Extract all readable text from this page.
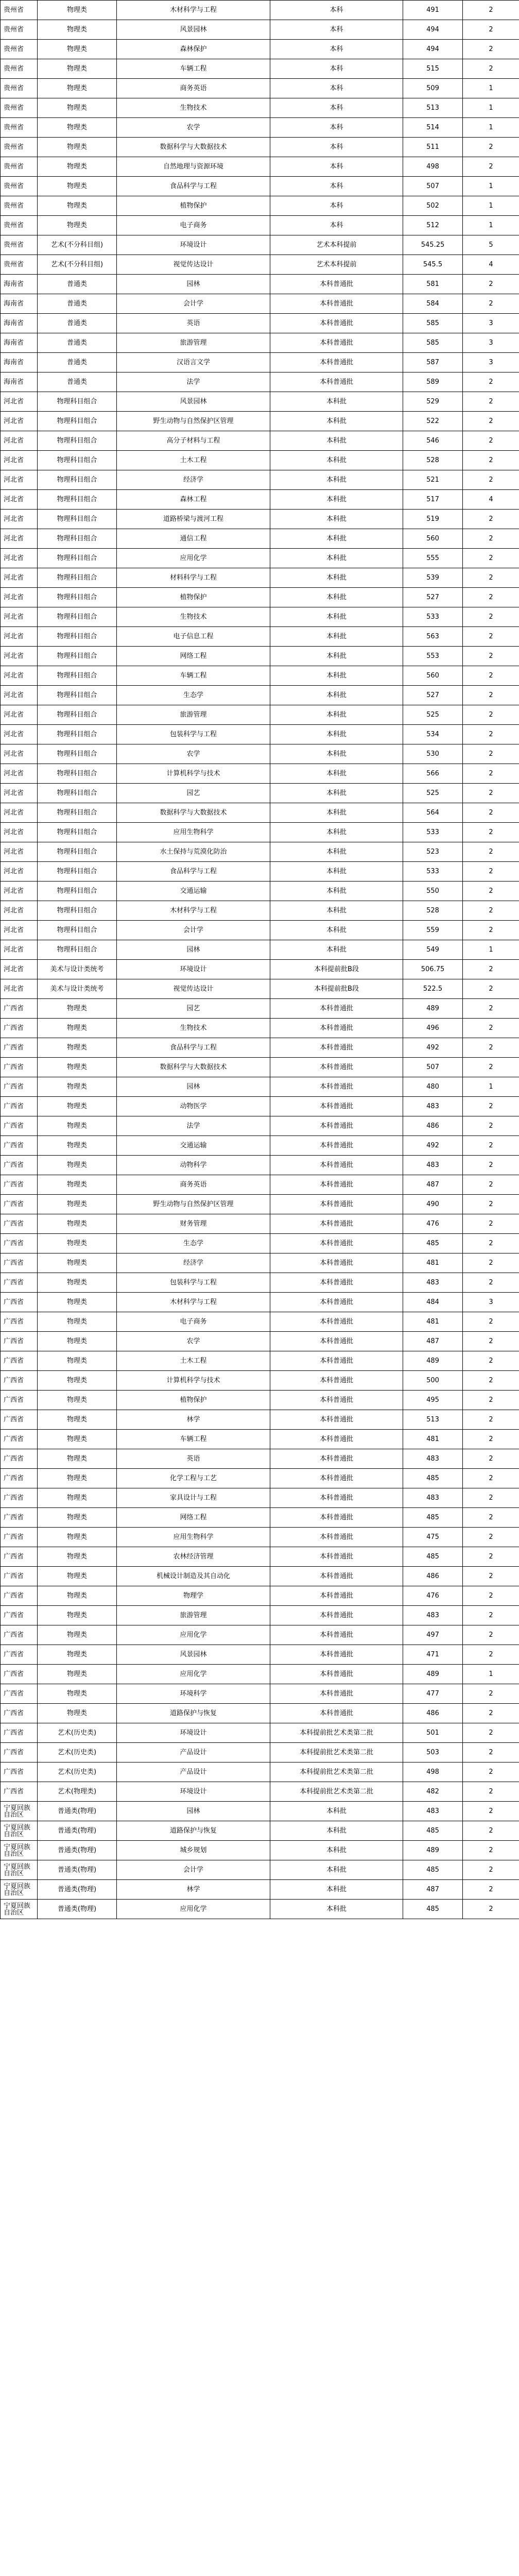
贵州省	物理类	木材科学与工程	本科	491	2
贵州省	物理类	风景园林	本科	494	2
贵州省	物理类	森林保护	本科	494	2
贵州省	物理类	车辆工程	本科	515	2
贵州省	物理类	商务英语	本科	509	1
贵州省	物理类	生物技术	本科	513	1
贵州省	物理类	农学	本科	514	1
贵州省	物理类	数据科学与大数据技术	本科	511	2
贵州省	物理类	自然地理与资源环境	本科	498	2
贵州省	物理类	食品科学与工程	本科	507	1
贵州省	物理类	植物保护	本科	502	1
贵州省	物理类	电子商务	本科	512	1
贵州省	艺术(不分科目组)	环境设计	艺术本科提前	545.25	5
贵州省	艺术(不分科目组)	视觉传达设计	艺术本科提前	545.5	4
海南省	普通类	园林	本科普通批	581	2
海南省	普通类	会计学	本科普通批	584	2
海南省	普通类	英语	本科普通批	585	3
海南省	普通类	旅游管理	本科普通批	585	3
海南省	普通类	汉语言文学	本科普通批	587	3
海南省	普通类	法学	本科普通批	589	2
河北省	物理科目组合	风景园林	本科批	529	2
河北省	物理科目组合	野生动物与自然保护区管理	本科批	522	2
河北省	物理科目组合	高分子材料与工程	本科批	546	2
河北省	物理科目组合	土木工程	本科批	528	2
河北省	物理科目组合	经济学	本科批	521	2
河北省	物理科目组合	森林工程	本科批	517	4
河北省	物理科目组合	道路桥梁与渡河工程	本科批	519	2
河北省	物理科目组合	通信工程	本科批	560	2
河北省	物理科目组合	应用化学	本科批	555	2
河北省	物理科目组合	材料科学与工程	本科批	539	2
河北省	物理科目组合	植物保护	本科批	527	2
河北省	物理科目组合	生物技术	本科批	533	2
河北省	物理科目组合	电子信息工程	本科批	563	2
河北省	物理科目组合	网络工程	本科批	553	2
河北省	物理科目组合	车辆工程	本科批	560	2
河北省	物理科目组合	生态学	本科批	527	2
河北省	物理科目组合	旅游管理	本科批	525	2
河北省	物理科目组合	包装科学与工程	本科批	534	2
河北省	物理科目组合	农学	本科批	530	2
河北省	物理科目组合	计算机科学与技术	本科批	566	2
河北省	物理科目组合	园艺	本科批	525	2
河北省	物理科目组合	数据科学与大数据技术	本科批	564	2
河北省	物理科目组合	应用生物科学	本科批	533	2
河北省	物理科目组合	水土保持与荒漠化防治	本科批	523	2
河北省	物理科目组合	食品科学与工程	本科批	533	2
河北省	物理科目组合	交通运输	本科批	550	2
河北省	物理科目组合	木材科学与工程	本科批	528	2
河北省	物理科目组合	会计学	本科批	559	2
河北省	物理科目组合	园林	本科批	549	1
河北省	美术与设计类统考	环境设计	本科提前批B段	506.75	2
河北省	美术与设计类统考	视觉传达设计	本科提前批B段	522.5	2
广西省	物理类	园艺	本科普通批	489	2
广西省	物理类	生物技术	本科普通批	496	2
广西省	物理类	食品科学与工程	本科普通批	492	2
广西省	物理类	数据科学与大数据技术	本科普通批	507	2
广西省	物理类	园林	本科普通批	480	1
广西省	物理类	动物医学	本科普通批	483	2
广西省	物理类	法学	本科普通批	486	2
广西省	物理类	交通运输	本科普通批	492	2
广西省	物理类	动物科学	本科普通批	483	2
广西省	物理类	商务英语	本科普通批	487	2
广西省	物理类	野生动物与自然保护区管理	本科普通批	490	2
广西省	物理类	财务管理	本科普通批	476	2
广西省	物理类	生态学	本科普通批	485	2
广西省	物理类	经济学	本科普通批	481	2
广西省	物理类	包装科学与工程	本科普通批	483	2
广西省	物理类	木材科学与工程	本科普通批	484	3
广西省	物理类	电子商务	本科普通批	481	2
广西省	物理类	农学	本科普通批	487	2
广西省	物理类	土木工程	本科普通批	489	2
广西省	物理类	计算机科学与技术	本科普通批	500	2
广西省	物理类	植物保护	本科普通批	495	2
广西省	物理类	林学	本科普通批	513	2
广西省	物理类	车辆工程	本科普通批	481	2
广西省	物理类	英语	本科普通批	483	2
广西省	物理类	化学工程与工艺	本科普通批	485	2
广西省	物理类	家具设计与工程	本科普通批	483	2
广西省	物理类	网络工程	本科普通批	485	2
广西省	物理类	应用生物科学	本科普通批	475	2
广西省	物理类	农林经济管理	本科普通批	485	2
广西省	物理类	机械设计制造及其自动化	本科普通批	486	2
广西省	物理类	物理学	本科普通批	476	2
广西省	物理类	旅游管理	本科普通批	483	2
广西省	物理类	应用化学	本科普通批	497	2
广西省	物理类	风景园林	本科普通批	471	2
广西省	物理类	应用化学	本科普通批	489	1
广西省	物理类	环境科学	本科普通批	477	2
广西省	物理类	道路保护与恢复	本科普通批	486	2
广西省	艺术(历史类)	环境设计	本科提前批艺术类第二批	501	2
广西省	艺术(历史类)	产品设计	本科提前批艺术类第二批	503	2
广西省	艺术(历史类)	产品设计	本科提前批艺术类第二批	498	2
广西省	艺术(物理类)	环境设计	本科提前批艺术类第二批	482	2
宁夏回族自治区	普通类(物理)	园林	本科批	483	2
宁夏回族自治区	普通类(物理)	道路保护与恢复	本科批	485	2
宁夏回族自治区	普通类(物理)	城乡规划	本科批	489	2
宁夏回族自治区	普通类(物理)	会计学	本科批	485	2
宁夏回族自治区	普通类(物理)	林学	本科批	487	2
宁夏回族自治区	普通类(物理)	应用化学	本科批	485	2
